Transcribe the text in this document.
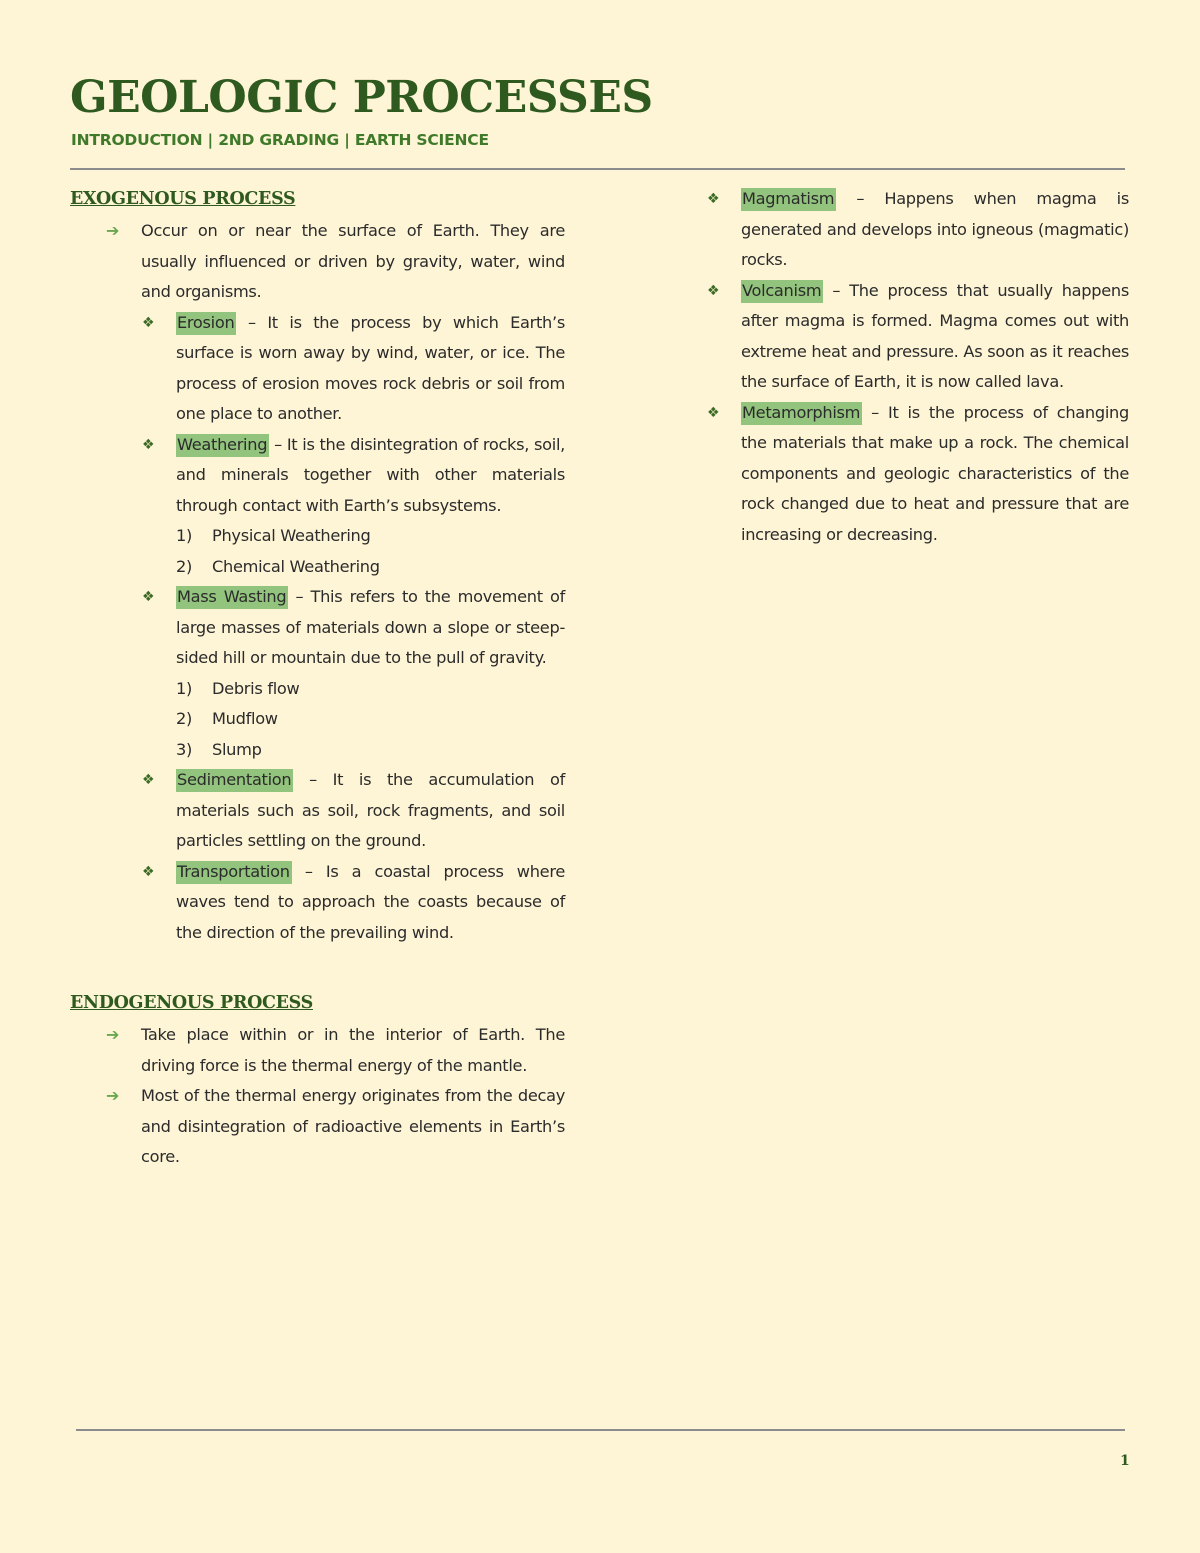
GEOLOGIC PROCESSES
INTRODUCTION | 2ND GRADING | EARTH SCIENCE
EXOGENOUS PROCESS
➔ Occur on or near the surface of Earth. They are usually influenced or driven by gravity, water, wind and organisms.
❖ Erosion – It is the process by which Earth’s surface is worn away by wind, water, or ice. The process of erosion moves rock debris or soil from one place to another.
❖ Weathering – It is the disintegration of rocks, soil, and minerals together with other materials through contact with Earth’s subsystems.
1) Physical Weathering
2) Chemical Weathering
❖ Mass Wasting – This refers to the movement of large masses of materials down a slope or steep-sided hill or mountain due to the pull of gravity.
1) Debris flow
2) Mudflow
3) Slump
❖ Sedimentation – It is the accumulation of materials such as soil, rock fragments, and soil particles settling on the ground.
❖ Transportation – Is a coastal process where waves tend to approach the coasts because of the direction of the prevailing wind.
ENDOGENOUS PROCESS
➔ Take place within or in the interior of Earth. The driving force is the thermal energy of the mantle.
➔ Most of the thermal energy originates from the decay and disintegration of radioactive elements in Earth’s core.
❖ Magmatism – Happens when magma is generated and develops into igneous (magmatic) rocks.
❖ Volcanism – The process that usually happens after magma is formed. Magma comes out with extreme heat and pressure. As soon as it reaches the surface of Earth, it is now called lava.
❖ Metamorphism – It is the process of changing the materials that make up a rock. The chemical components and geologic characteristics of the rock changed due to heat and pressure that are increasing or decreasing.
1
